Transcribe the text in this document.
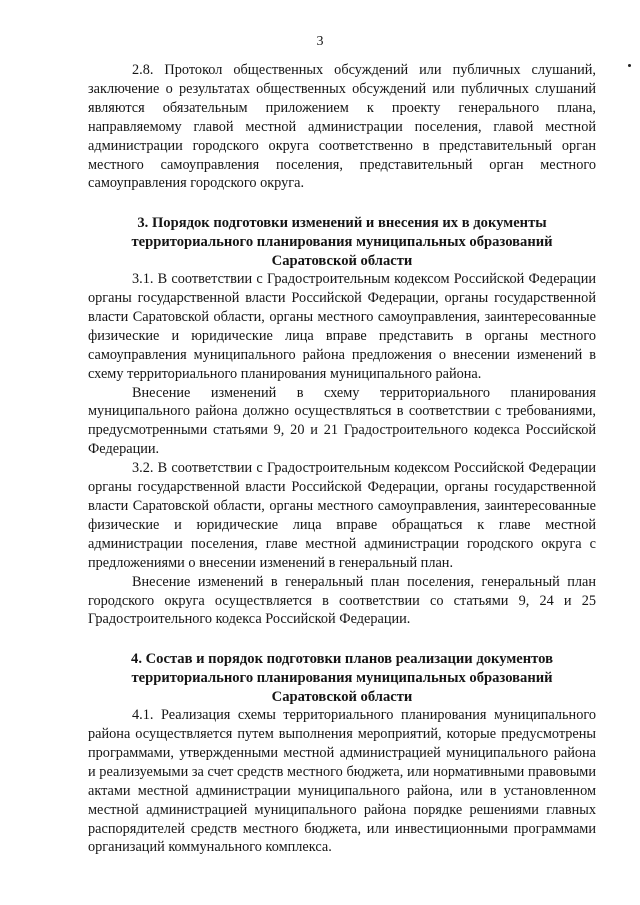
3

2.8. Протокол общественных обсуждений или публичных слушаний, заключение о результатах общественных обсуждений или публичных слушаний являются обязательным приложением к проекту генерального плана, направляемому главой местной администрации поселения, главой местной администрации городского округа соответственно в представительный орган местного самоуправления поселения, представительный орган местного самоуправления городского округа.

3. Порядок подготовки изменений и внесения их в документы
территориального планирования муниципальных образований
Саратовской области

3.1. В соответствии с Градостроительным кодексом Российской Федерации органы государственной власти Российской Федерации, органы государственной власти Саратовской области, органы местного самоуправления, заинтересованные физические и юридические лица вправе представить в органы местного самоуправления муниципального района предложения о внесении изменений в схему территориального планирования муниципального района.

Внесение изменений в схему территориального планирования муниципального района должно осуществляться в соответствии с требованиями, предусмотренными статьями 9, 20 и 21 Градостроительного кодекса Российской Федерации.

3.2. В соответствии с Градостроительным кодексом Российской Федерации органы государственной власти Российской Федерации, органы государственной власти Саратовской области, органы местного самоуправления, заинтересованные физические и юридические лица вправе обращаться к главе местной администрации поселения, главе местной администрации городского округа с предложениями о внесении изменений в генеральный план.

Внесение изменений в генеральный план поселения, генеральный план городского округа осуществляется в соответствии со статьями 9, 24 и 25 Градостроительного кодекса Российской Федерации.

4. Состав и порядок подготовки планов реализации документов
территориального планирования муниципальных образований
Саратовской области

4.1. Реализация схемы территориального планирования муниципального района осуществляется путем выполнения мероприятий, которые предусмотрены программами, утвержденными местной администрацией муниципального района и реализуемыми за счет средств местного бюджета, или нормативными правовыми актами местной администрации муниципального района, или в установленном местной администрацией муниципального района порядке решениями главных распорядителей средств местного бюджета, или инвестиционными программами организаций коммунального комплекса.
